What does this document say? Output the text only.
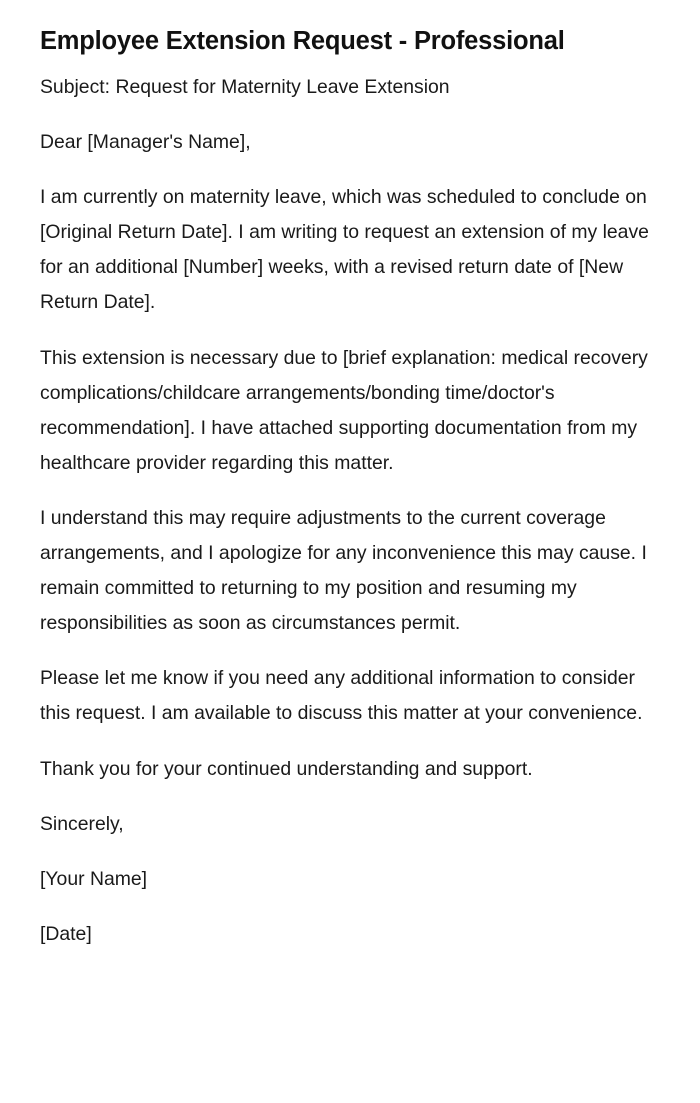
Employee Extension Request - Professional

Subject: Request for Maternity Leave Extension

Dear [Manager's Name],

I am currently on maternity leave, which was scheduled to conclude on [Original Return Date]. I am writing to request an extension of my leave for an additional [Number] weeks, with a revised return date of [New Return Date].

This extension is necessary due to [brief explanation: medical recovery complications/childcare arrangements/bonding time/doctor's recommendation]. I have attached supporting documentation from my healthcare provider regarding this matter.

I understand this may require adjustments to the current coverage arrangements, and I apologize for any inconvenience this may cause. I remain committed to returning to my position and resuming my responsibilities as soon as circumstances permit.

Please let me know if you need any additional information to consider this request. I am available to discuss this matter at your convenience.

Thank you for your continued understanding and support.

Sincerely,

[Your Name]

[Date]
